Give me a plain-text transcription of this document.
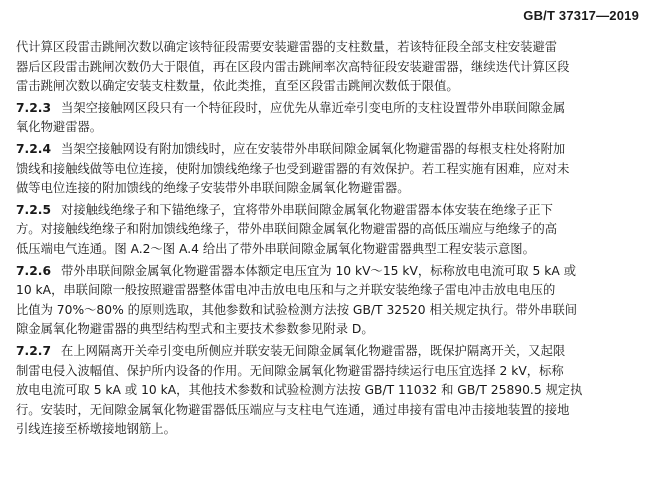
GB/T 37317—2019
代计算区段雷击跳闸次数以确定该特征段需要安装避雷器的支柱数量，若该特征段全部支柱安装避雷
器后区段雷击跳闸次数仍大于限值，再在区段内雷击跳闸率次高特征段安装避雷器，继续迭代计算区段
雷击跳闸次数以确定安装支柱数量，依此类推，直至区段雷击跳闸次数低于限值。
7.2.3 当架空接触网区段只有一个特征段时，应优先从靠近牵引变电所的支柱设置带外串联间隙金属
氧化物避雷器。
7.2.4 当架空接触网设有附加馈线时，应在安装带外串联间隙金属氧化物避雷器的每根支柱处将附加
馈线和接触线做等电位连接，使附加馈线绝缘子也受到避雷器的有效保护。若工程实施有困难，应对未
做等电位连接的附加馈线的绝缘子安装带外串联间隙金属氧化物避雷器。
7.2.5 对接触线绝缘子和下锚绝缘子，宜将带外串联间隙金属氧化物避雷器本体安装在绝缘子正下
方。对接触线绝缘子和附加馈线绝缘子，带外串联间隙金属氧化物避雷器的高低压端应与绝缘子的高
低压端电气连通。图 A.2～图 A.4 给出了带外串联间隙金属氧化物避雷器典型工程安装示意图。
7.2.6 带外串联间隙金属氧化物避雷器本体额定电压宜为 10 kV～15 kV，标称放电电流可取 5 kA 或
10 kA，串联间隙一般按照避雷器整体雷电冲击放电电压和与之并联安装绝缘子雷电冲击放电电压的
比值为 70%～80% 的原则选取，其他参数和试验检测方法按 GB/T 32520 相关规定执行。带外串联间
隙金属氧化物避雷器的典型结构型式和主要技术参数参见附录 D。
7.2.7 在上网隔离开关牵引变电所侧应并联安装无间隙金属氧化物避雷器，既保护隔离开关，又起限
制雷电侵入波幅值、保护所内设备的作用。无间隙金属氧化物避雷器持续运行电压宜选择 2 kV，标称
放电电流可取 5 kA 或 10 kA，其他技术参数和试验检测方法按 GB/T 11032 和 GB/T 25890.5 规定执
行。安装时，无间隙金属氧化物避雷器低压端应与支柱电气连通，通过串接有雷电冲击接地装置的接地
引线连接至桥墩接地钢筋上。
